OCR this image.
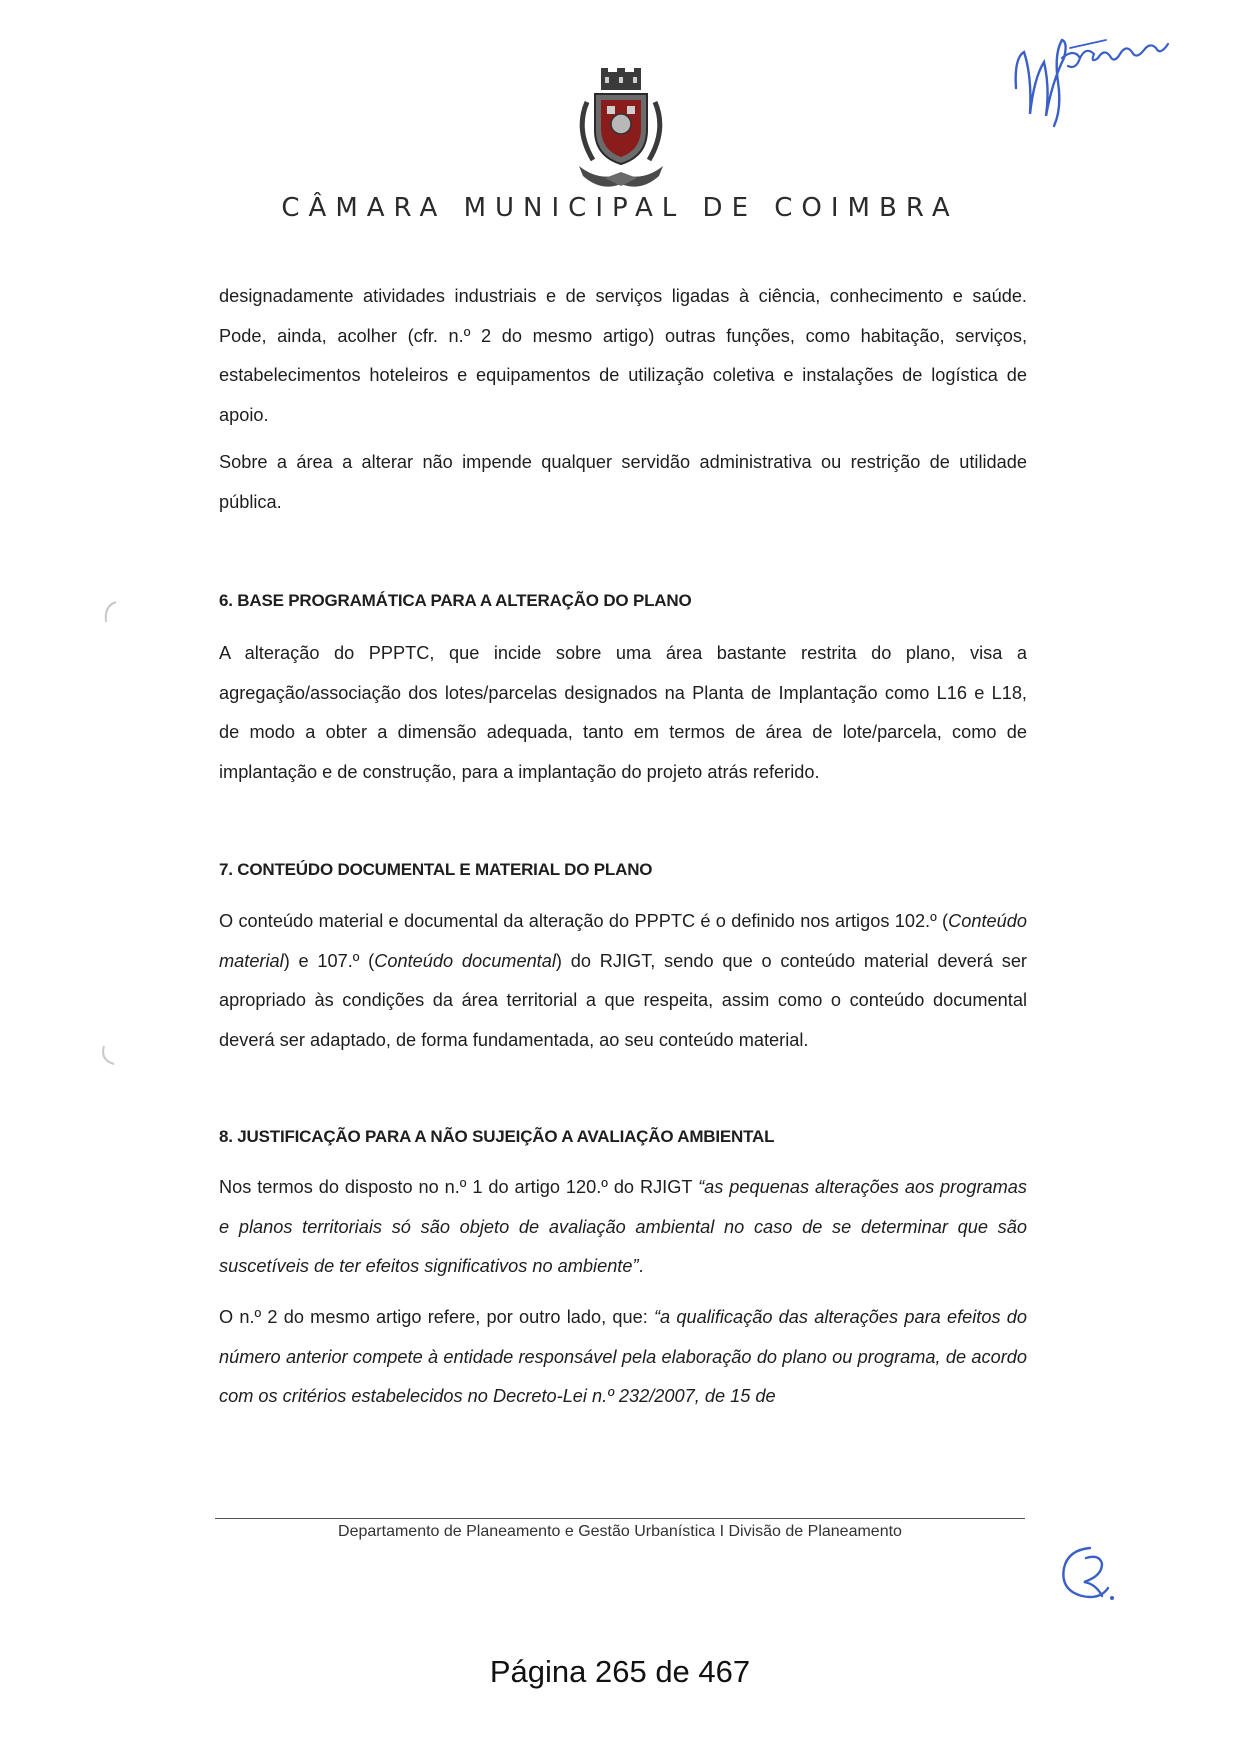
CÂMARA MUNICIPAL DE COIMBRA

designadamente atividades industriais e de serviços ligadas à ciência, conhecimento e saúde. Pode, ainda, acolher (cfr. n.º 2 do mesmo artigo) outras funções, como habitação, serviços, estabelecimentos hoteleiros e equipamentos de utilização coletiva e instalações de logística de apoio.

Sobre a área a alterar não impende qualquer servidão administrativa ou restrição de utilidade pública.

6. BASE PROGRAMÁTICA PARA A ALTERAÇÃO DO PLANO

A alteração do PPPTC, que incide sobre uma área bastante restrita do plano, visa a agregação/associação dos lotes/parcelas designados na Planta de Implantação como L16 e L18, de modo a obter a dimensão adequada, tanto em termos de área de lote/parcela, como de implantação e de construção, para a implantação do projeto atrás referido.

7. CONTEÚDO DOCUMENTAL E MATERIAL DO PLANO

O conteúdo material e documental da alteração do PPPTC é o definido nos artigos 102.º (Conteúdo material) e 107.º (Conteúdo documental) do RJIGT, sendo que o conteúdo material deverá ser apropriado às condições da área territorial a que respeita, assim como o conteúdo documental deverá ser adaptado, de forma fundamentada, ao seu conteúdo material.

8. JUSTIFICAÇÃO PARA A NÃO SUJEIÇÃO A AVALIAÇÃO AMBIENTAL

Nos termos do disposto no n.º 1 do artigo 120.º do RJIGT “as pequenas alterações aos programas e planos territoriais só são objeto de avaliação ambiental no caso de se determinar que são suscetíveis de ter efeitos significativos no ambiente”.

O n.º 2 do mesmo artigo refere, por outro lado, que: “a qualificação das alterações para efeitos do número anterior compete à entidade responsável pela elaboração do plano ou programa, de acordo com os critérios estabelecidos no Decreto-Lei n.º 232/2007, de 15 de

Departamento de Planeamento e Gestão Urbanística I Divisão de Planeamento
Página 265 de 467
